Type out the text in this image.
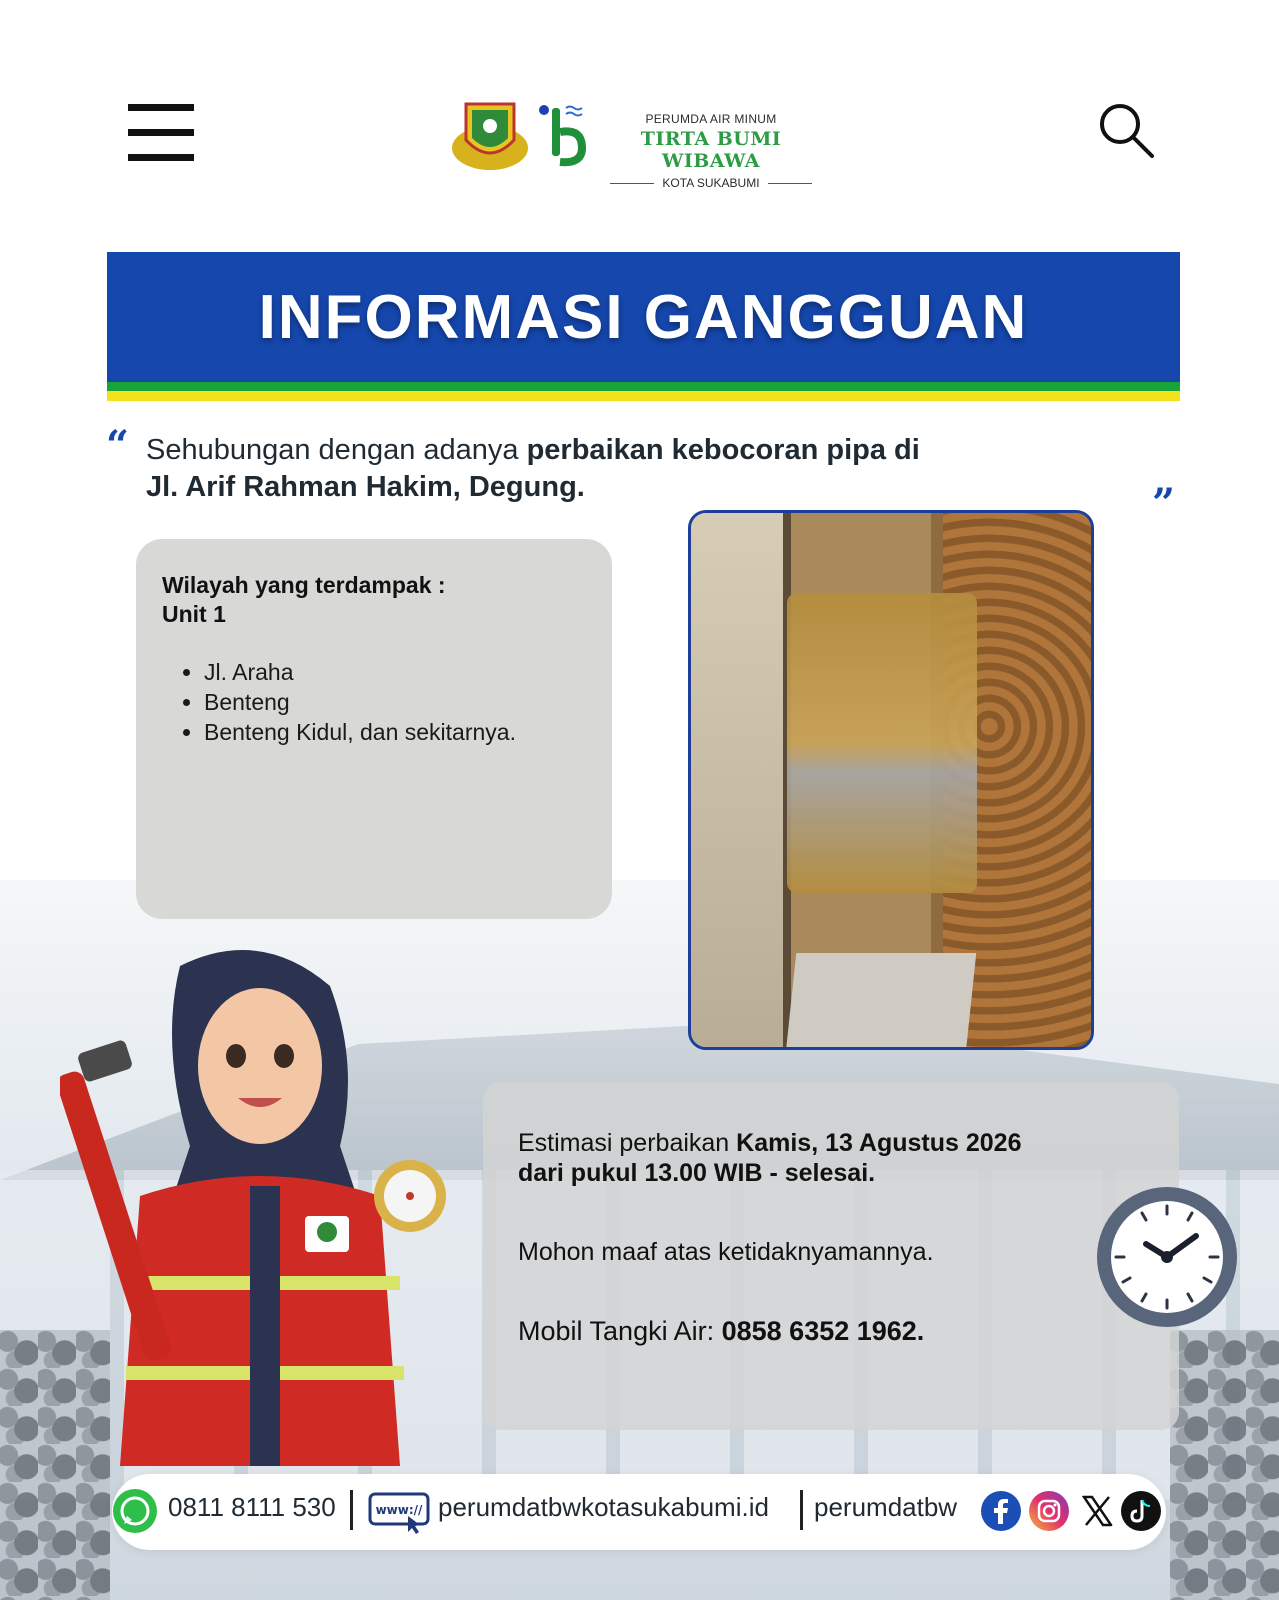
PERUMDA AIR MINUM
TIRTA BUMI WIBAWA
KOTA SUKABUMI
INFORMASI GANGGUAN
“ Sehubungan dengan adanya perbaikan kebocoran pipa di
Jl. Arif Rahman Hakim, Degung.	”
Wilayah yang terdampak :
Unit 1
• Jl. Araha
• Benteng
• Benteng Kidul, dan sekitarnya.
Estimasi perbaikan Kamis, 13 Agustus 2026
dari pukul 13.00 WIB - selesai.
Mohon maaf atas ketidaknyamannya.
Mobil Tangki Air: 0858 6352 1962.
0811 8111 530	www:// perumdatbwkotasukabumi.id perumdatbw
